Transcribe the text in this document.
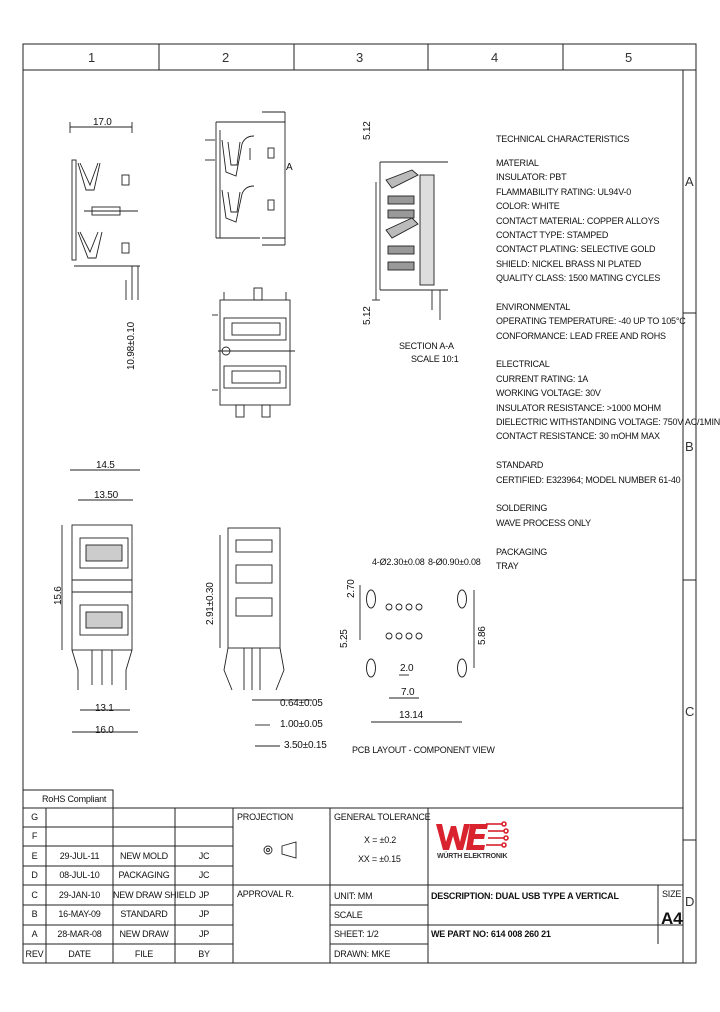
1	2	3	4	5
A
B
C
D
TECHNICAL CHARACTERISTICS
MATERIAL
INSULATOR: PBT
FLAMMABILITY RATING: UL94V-0
COLOR: WHITE
CONTACT MATERIAL: COPPER ALLOYS
CONTACT TYPE: STAMPED
CONTACT PLATING: SELECTIVE GOLD
SHIELD: NICKEL BRASS NI PLATED
QUALITY CLASS: 1500 MATING CYCLES
ENVIRONMENTAL
OPERATING TEMPERATURE: -40 UP TO 105°C
CONFORMANCE: LEAD FREE AND ROHS
ELECTRICAL
CURRENT RATING: 1A
WORKING VOLTAGE: 30V
INSULATOR RESISTANCE: >1000 MOHM
DIELECTRIC WITHSTANDING VOLTAGE: 750V AC/1MIN
CONTACT RESISTANCE: 30 mOHM MAX
STANDARD
CERTIFIED: E323964; MODEL NUMBER 61-40
SOLDERING
WAVE PROCESS ONLY
PACKAGING
TRAY
17.0
10.98±0.10
5.12
5.12
14.5
13.50
15.6
13.1
16.0
2.91±0.30
0.64±0.05
1.00±0.05
3.50±0.15
4-Ø2.30±0.08 8-Ø0.90±0.08
2.70
5.25	5.86
2.0
7.0
13.14
A
SECTION A-A
SCALE 10:1
PCB LAYOUT - COMPONENT VIEW
RoHS Compliant
G
F
E	29-JUL-11	NEW MOLD	JC
D	08-JUL-10	PACKAGING	JC
C	29-JAN-10	NEW DRAW SHIELD JP
B	16-MAY-09	STANDARD	JP
A	28-MAR-08	NEW DRAW	JP
REV	DATE	FILE	BY
PROJECTION
APPROVAL R.
GENERAL TOLERANCE
X = ±0.2
XX = ±0.15
UNIT: MM
SCALE
SHEET: 1/2
DRAWN: MKE
DESCRIPTION: DUAL USB TYPE A VERTICAL
WE PART NO: 614 008 260 21
SIZE
A4
WÜRTH ELEKTRONIK
